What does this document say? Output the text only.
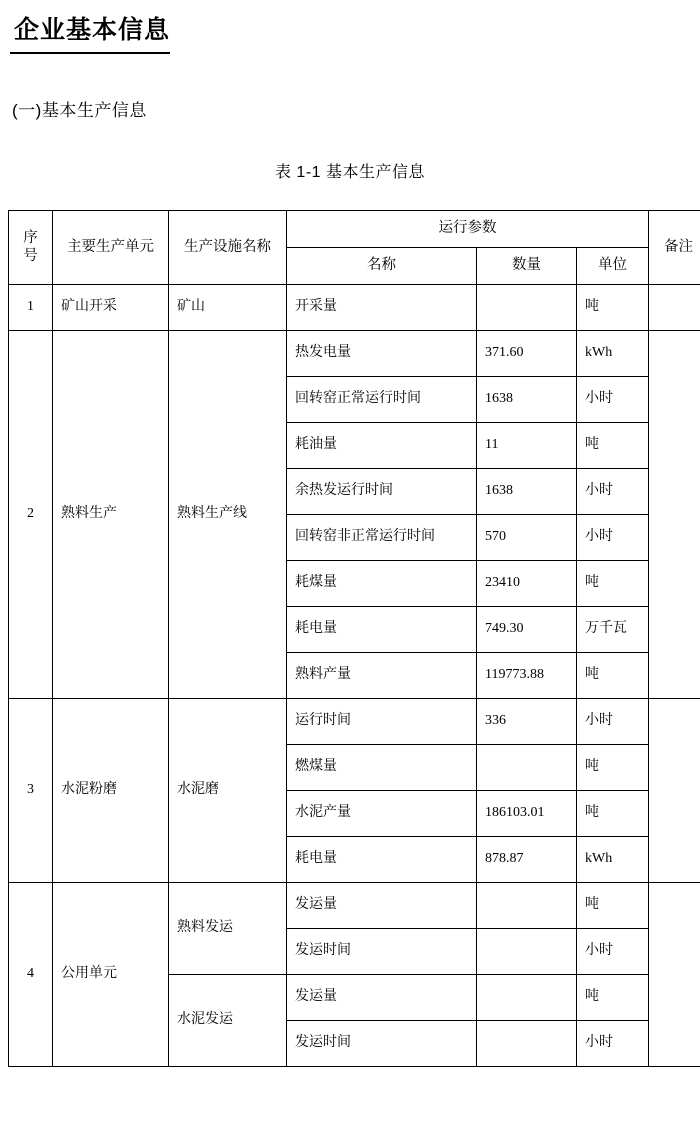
企业基本信息
(一)基本生产信息
表 1-1 基本生产信息
序号	主要生产单元	生产设施名称	运行参数			备注
			名称	数量	单位	
1	矿山开采	矿山	开采量		吨	
2	熟料生产	熟料生产线	热发电量	371.60	kWh	
			回转窑正常运行时间	1638	小时	
			耗油量	11	吨	
			余热发运行时间	1638	小时	
			回转窑非正常运行时间	570	小时	
			耗煤量	23410	吨	
			耗电量	749.30	万千瓦	
			熟料产量	119773.88	吨	
3	水泥粉磨	水泥磨	运行时间	336	小时	
			燃煤量		吨	
			水泥产量	186103.01	吨	
			耗电量	878.87	kWh	
4	公用单元	熟料发运	发运量		吨	
			发运时间		小时	
		水泥发运	发运量		吨	
			发运时间		小时	
